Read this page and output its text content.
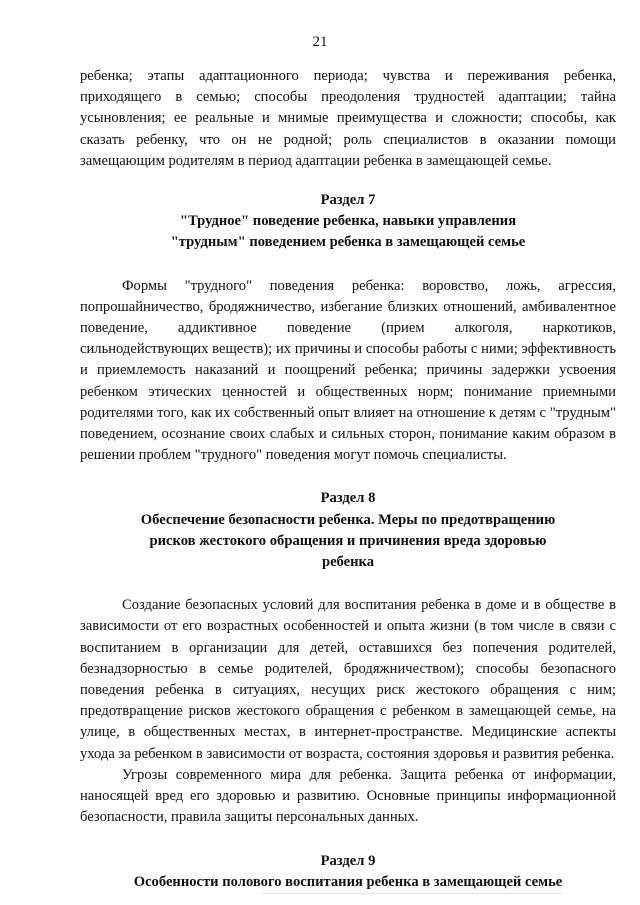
21

ребенка; этапы адаптационного периода; чувства и переживания ребенка, приходящего в семью; способы преодоления трудностей адаптации; тайна усыновления; ее реальные и мнимые преимущества и сложности; способы, как сказать ребенку, что он не родной; роль специалистов в оказании помощи замещающим родителям в период адаптации ребенка в замещающей семье.

Раздел 7
"Трудное" поведение ребенка, навыки управления
"трудным" поведением ребенка в замещающей семье

Формы "трудного" поведения ребенка: воровство, ложь, агрессия, попрошайничество, бродяжничество, избегание близких отношений, амбивалентное поведение, аддиктивное поведение (прием алкоголя, наркотиков, сильнодействующих веществ); их причины и способы работы с ними; эффективность и приемлемость наказаний и поощрений ребенка; причины задержки усвоения ребенком этических ценностей и общественных норм; понимание приемными родителями того, как их собственный опыт влияет на отношение к детям с "трудным" поведением, осознание своих слабых и сильных сторон, понимание каким образом в решении проблем "трудного" поведения могут помочь специалисты.

Раздел 8
Обеспечение безопасности ребенка. Меры по предотвращению
рисков жестокого обращения и причинения вреда здоровью
ребенка

Создание безопасных условий для воспитания ребенка в доме и в обществе в зависимости от его возрастных особенностей и опыта жизни (в том числе в связи с воспитанием в организации для детей, оставшихся без попечения родителей, безнадзорностью в семье родителей, бродяжничеством); способы безопасного поведения ребенка в ситуациях, несущих риск жестокого обращения с ним; предотвращение рисков жестокого обращения с ребенком в замещающей семье, на улице, в общественных местах, в интернет-пространстве. Медицинские аспекты ухода за ребенком в зависимости от возраста, состояния здоровья и развития ребенка.

Угрозы современного мира для ребенка. Защита ребенка от информации, наносящей вред его здоровью и развитию. Основные принципы информационной безопасности, правила защиты персональных данных.

Раздел 9
Особенности полового воспитания ребенка в замещающей семье
